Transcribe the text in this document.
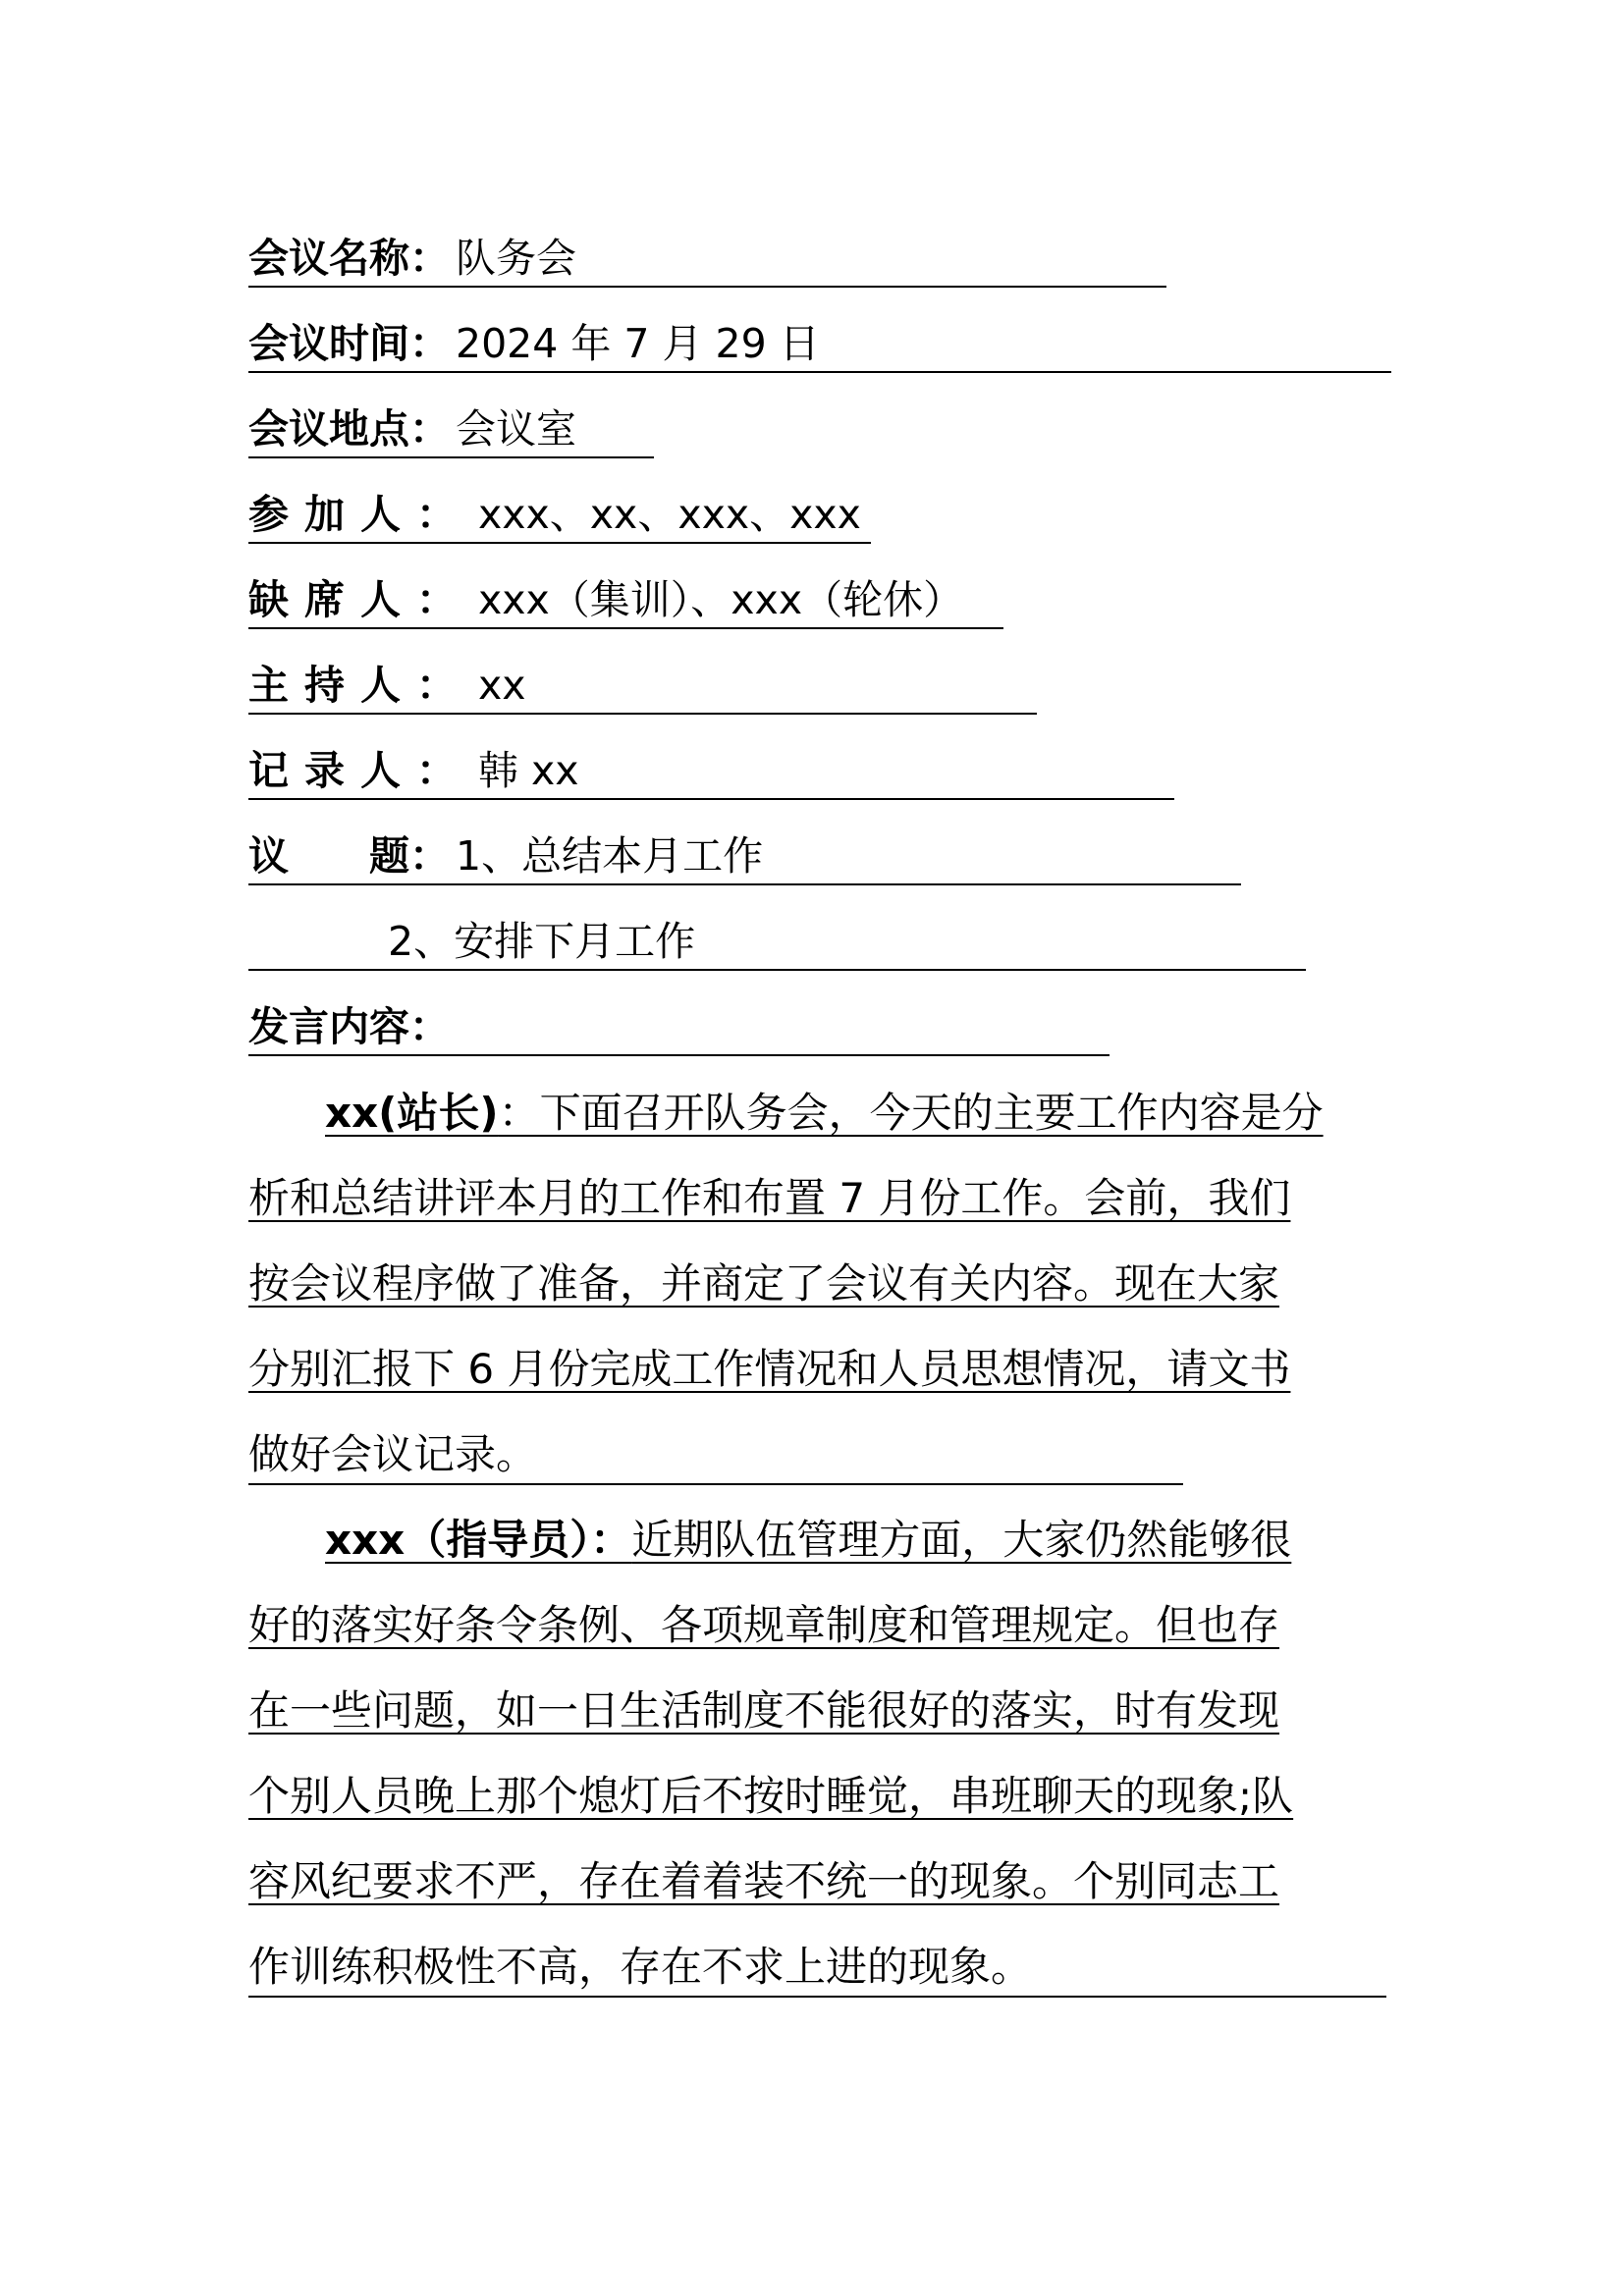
会议名称： 队务会
会议时间： 2024 年 7 月 29 日
会议地点： 会议室
参加人： xxx、xx、xxx、xxx
缺席人： xxx（集训）、xxx（轮休）
主持人： xx
记录人： 韩 xx
议 题： 1、总结本月工作
2、安排下月工作
发言内容：
xx(站长)：下面召开队务会，今天的主要工作内容是分
析和总结讲评本月的工作和布置 7 月份工作。会前，我们
按会议程序做了准备，并商定了会议有关内容。现在大家
分别汇报下 6 月份完成工作情况和人员思想情况，请文书
做好会议记录。
xxx（指导员）：近期队伍管理方面，大家仍然能够很
好的落实好条令条例、各项规章制度和管理规定。但也存
在一些问题，如一日生活制度不能很好的落实，时有发现
个别人员晚上那个熄灯后不按时睡觉，串班聊天的现象;队
容风纪要求不严，存在着着装不统一的现象。个别同志工
作训练积极性不高，存在不求上进的现象。
